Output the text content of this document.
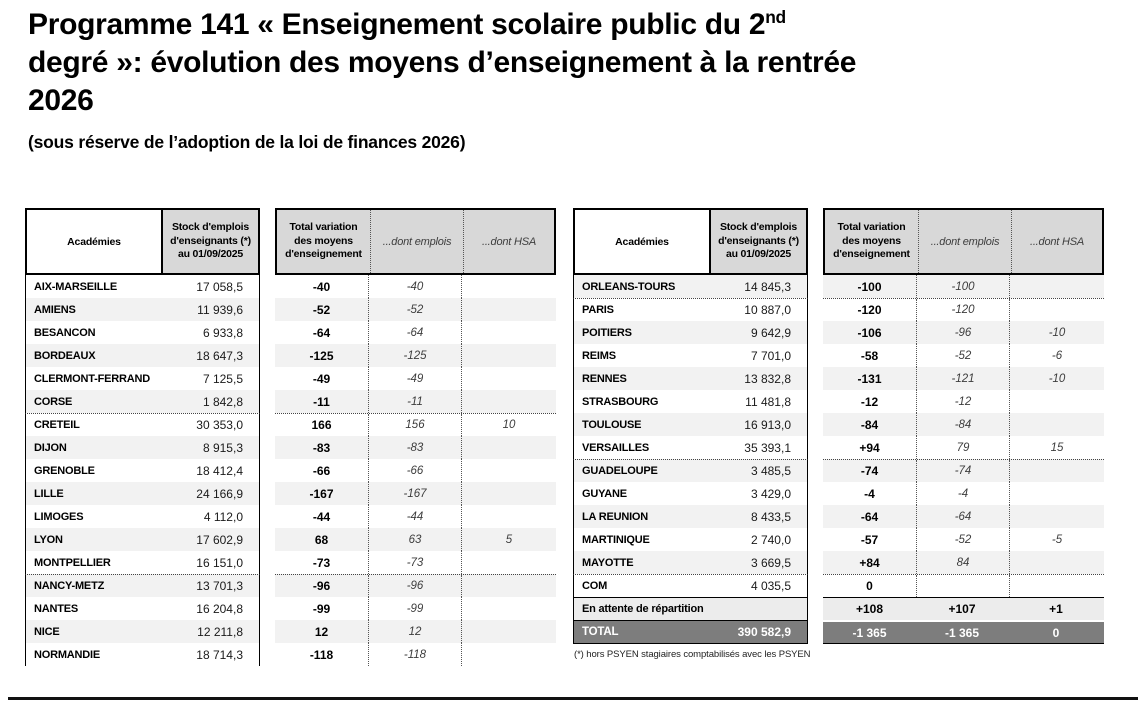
Programme 141 « Enseignement scolaire public du 2nd
degré »: évolution des moyens d’enseignement à la rentrée
2026
(sous réserve de l’adoption de la loi de finances 2026)
Académies
Stock d'emplois
d'enseignants (*)
au 01/09/2025
Total variation
des moyens
d'enseignement
...dont emplois	...dont HSA
AIX-MARSEILLE	17 058,5	-40	-40
AMIENS	11 939,6	-52	-52
BESANCON	6 933,8	-64	-64
BORDEAUX	18 647,3	-125	-125
CLERMONT-FERRAND	7 125,5	-49	-49
CORSE	1 842,8	-11	-11
CRETEIL	30 353,0	166	156	10
DIJON	8 915,3	-83	-83
GRENOBLE	18 412,4	-66	-66
LILLE	24 166,9	-167	-167
LIMOGES	4 112,0	-44	-44
LYON	17 602,9	68	63	5
MONTPELLIER	16 151,0	-73	-73
NANCY-METZ	13 701,3	-96	-96
NANTES	16 204,8	-99	-99
NICE	12 211,8	12	12
NORMANDIE	18 714,3	-118	-118
Académies
Stock d'emplois
d'enseignants (*)
au 01/09/2025
Total variation
des moyens
d'enseignement
...dont emplois	...dont HSA
ORLEANS-TOURS	14 845,3	-100	-100
PARIS	10 887,0	-120	-120
POITIERS	9 642,9	-106	-96	-10
REIMS	7 701,0	-58	-52	-6
RENNES	13 832,8	-131	-121	-10
STRASBOURG	11 481,8	-12	-12
TOULOUSE	16 913,0	-84	-84
VERSAILLES	35 393,1	+94	79	15
GUADELOUPE	3 485,5	-74	-74
GUYANE	3 429,0	-4	-4
LA REUNION	8 433,5	-64	-64
MARTINIQUE	2 740,0	-57	-52	-5
MAYOTTE	3 669,5	+84	84
COM	4 035,5	0
En attente de répartition	+108	+107	+1
TOTAL	390 582,9	-1 365	-1 365	0
(*) hors PSYEN stagiaires comptabilisés avec les PSYEN
